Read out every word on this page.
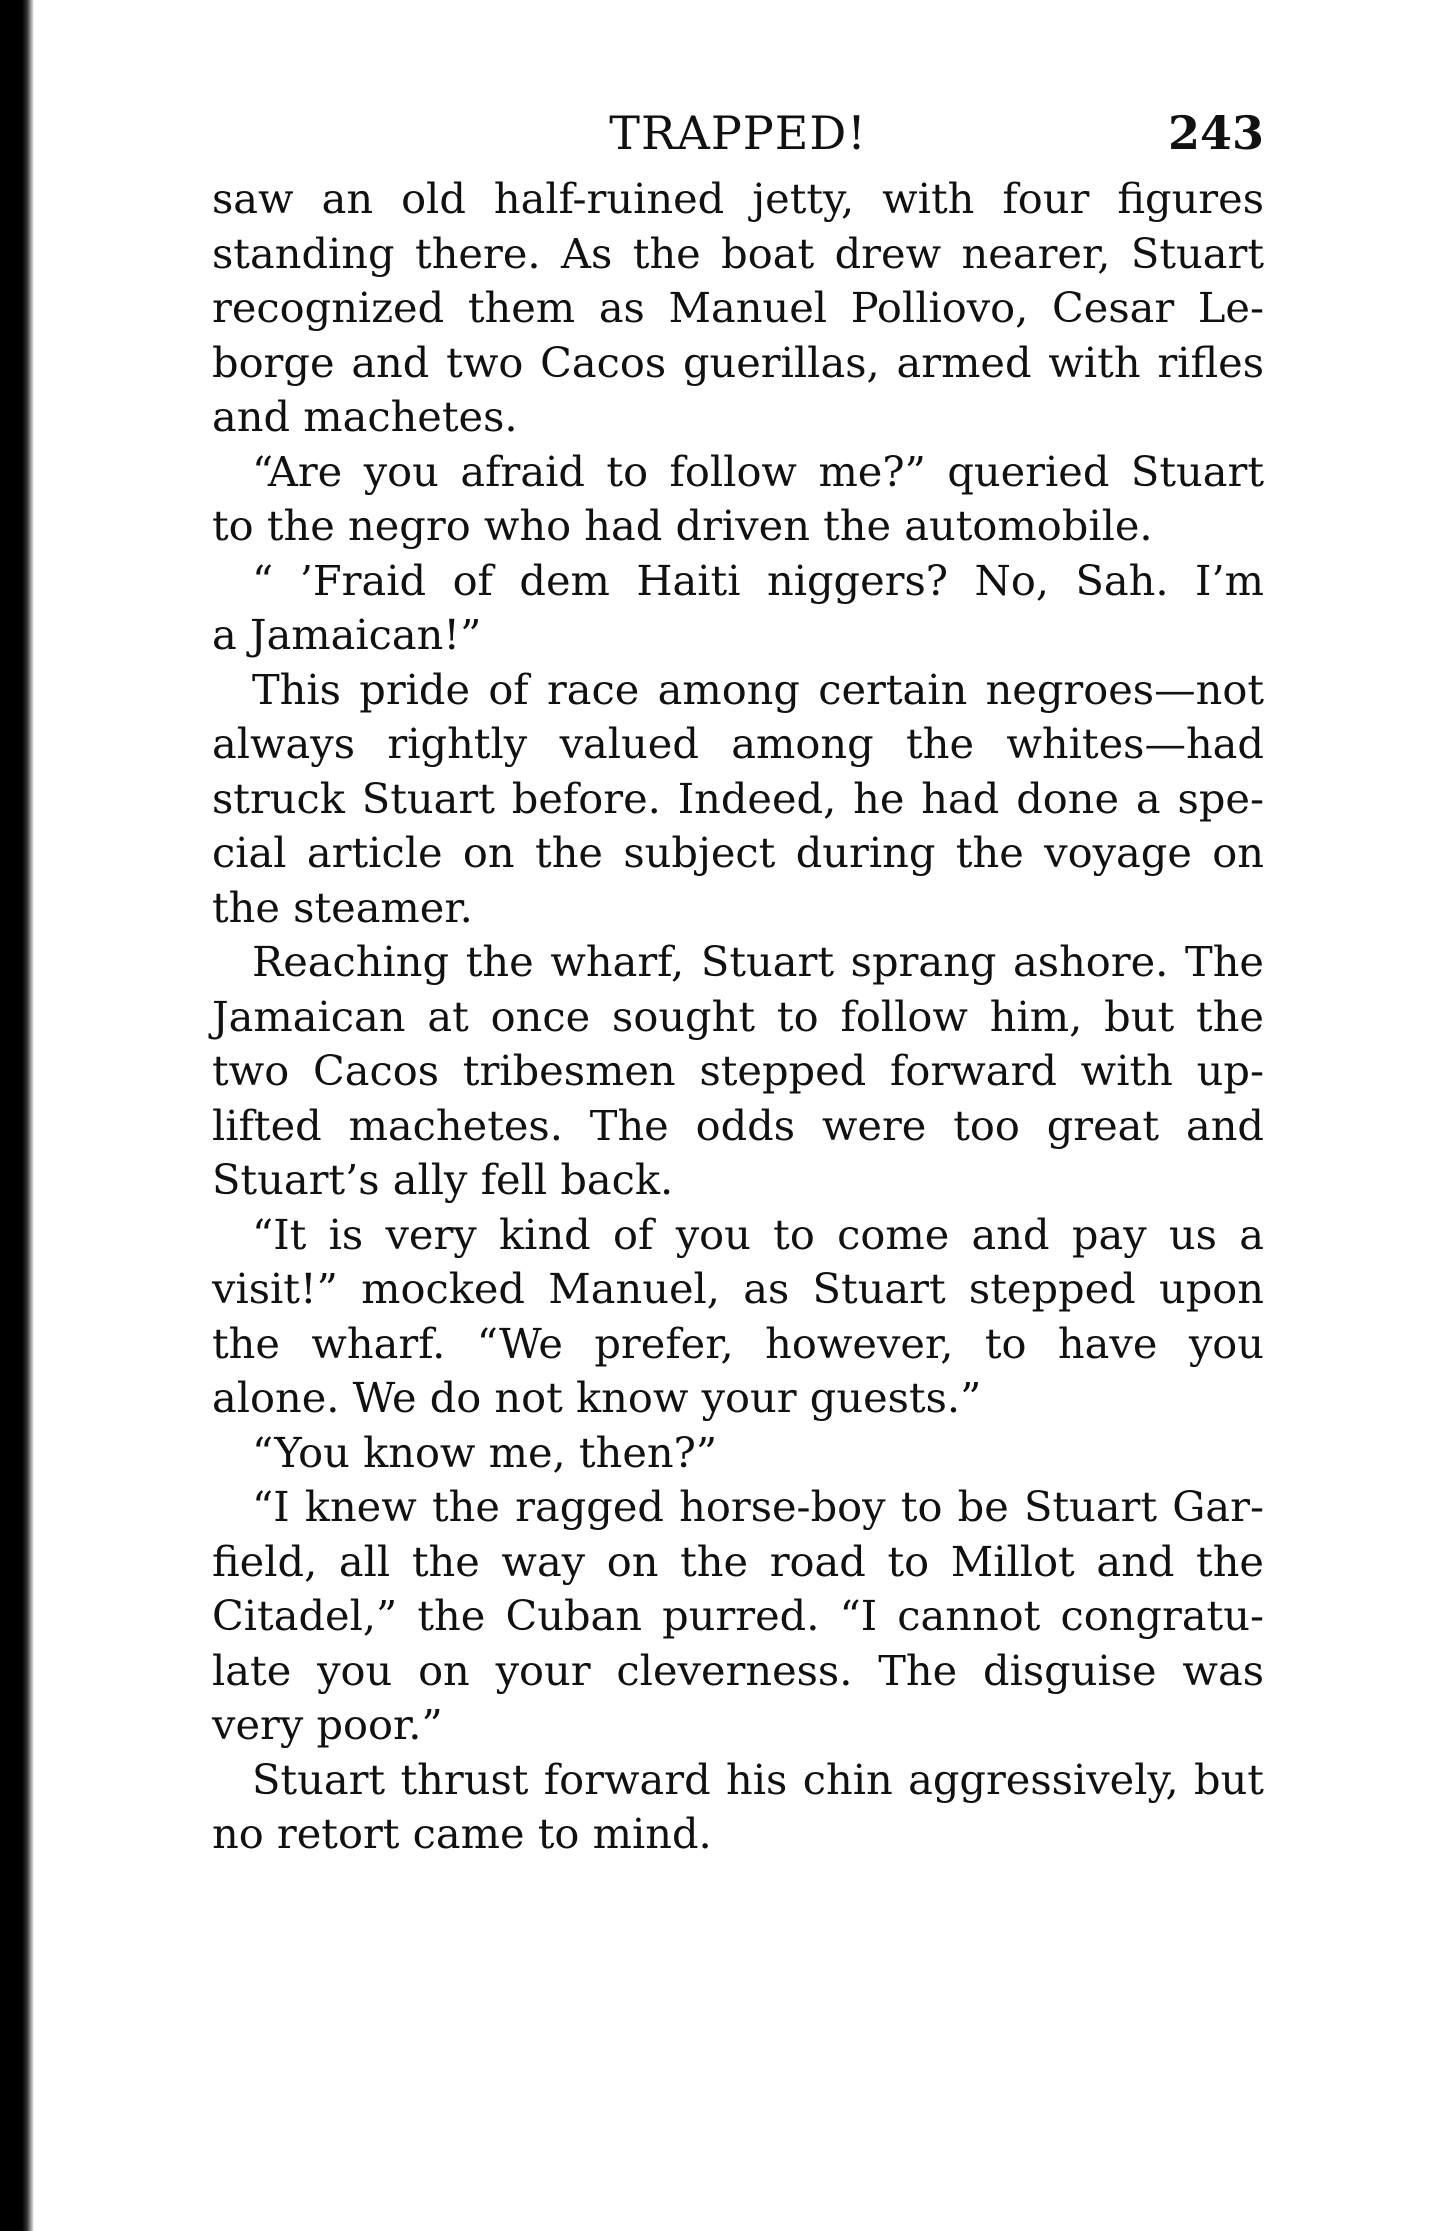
TRAPPED!	243
saw an old half-ruined jetty, with four figures
standing there. As the boat drew nearer, Stuart
recognized them as Manuel Polliovo, Cesar Le-
borge and two Cacos guerillas, armed with rifles
and machetes.
“Are you afraid to follow me?” queried Stuart
to the negro who had driven the automobile.
“ ’Fraid of dem Haiti niggers? No, Sah. I’m
a Jamaican!”
This pride of race among certain negroes—not
always rightly valued among the whites—had
struck Stuart before. Indeed, he had done a spe-
cial article on the subject during the voyage on
the steamer.
Reaching the wharf, Stuart sprang ashore. The
Jamaican at once sought to follow him, but the
two Cacos tribesmen stepped forward with up-
lifted machetes. The odds were too great and
Stuart’s ally fell back.
“It is very kind of you to come and pay us a
visit!” mocked Manuel, as Stuart stepped upon
the wharf. “We prefer, however, to have you
alone. We do not know your guests.”
“You know me, then?”
“I knew the ragged horse-boy to be Stuart Gar-
field, all the way on the road to Millot and the
Citadel,” the Cuban purred. “I cannot congratu-
late you on your cleverness. The disguise was
very poor.”
Stuart thrust forward his chin aggressively, but
no retort came to mind.
